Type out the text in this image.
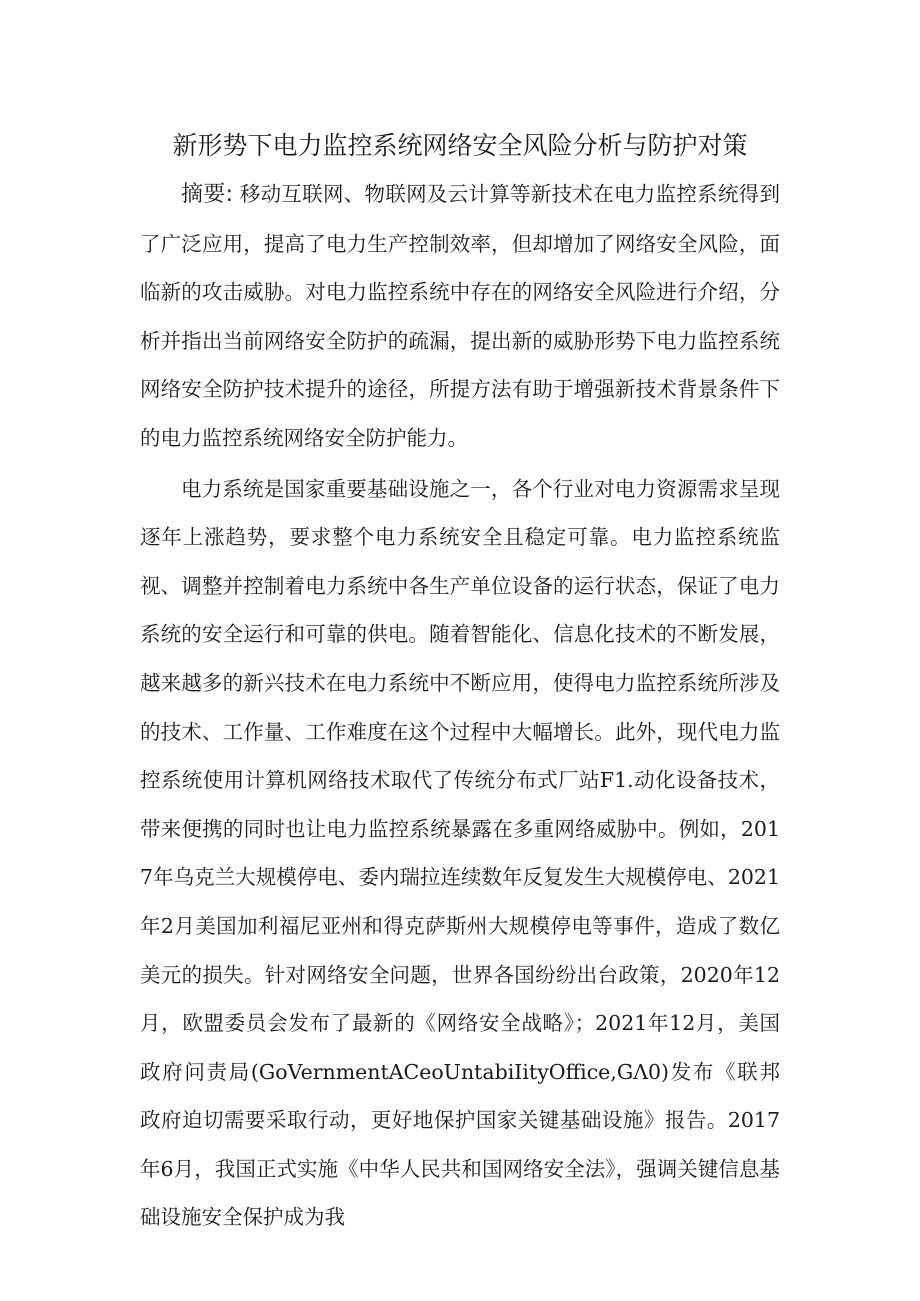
新形势下电力监控系统网络安全风险分析与防护对策

摘要: 移动互联网、物联网及云计算等新技术在电力监控系统得到了广泛应用，提高了电力生产控制效率，但却增加了网络安全风险，面临新的攻击威胁。对电力监控系统中存在的网络安全风险进行介绍，分析并指出当前网络安全防护的疏漏，提出新的威胁形势下电力监控系统网络安全防护技术提升的途径，所提方法有助于增强新技术背景条件下的电力监控系统网络安全防护能力。

电力系统是国家重要基础设施之一，各个行业对电力资源需求呈现逐年上涨趋势，要求整个电力系统安全且稳定可靠。电力监控系统监视、调整并控制着电力系统中各生产单位设备的运行状态，保证了电力系统的安全运行和可靠的供电。随着智能化、信息化技术的不断发展，越来越多的新兴技术在电力系统中不断应用，使得电力监控系统所涉及的技术、工作量、工作难度在这个过程中大幅增长。此外，现代电力监控系统使用计算机网络技术取代了传统分布式厂站F1.动化设备技术，带来便携的同时也让电力监控系统暴露在多重网络威胁中。例如，2017年乌克兰大规模停电、委内瑞拉连续数年反复发生大规模停电、2021年2月美国加利福尼亚州和得克萨斯州大规模停电等事件，造成了数亿美元的损失。针对网络安全问题，世界各国纷纷出台政策，2020年12月，欧盟委员会发布了最新的《网络安全战略》；2021年12月，美国政府问责局(GoVernmentACeoUntabiIityOffice,GΛ0)发布《联邦政府迫切需要采取行动，更好地保护国家关键基础设施》报告。2017年6月，我国正式实施《中华人民共和国网络安全法》，强调关键信息基础设施安全保护成为我
